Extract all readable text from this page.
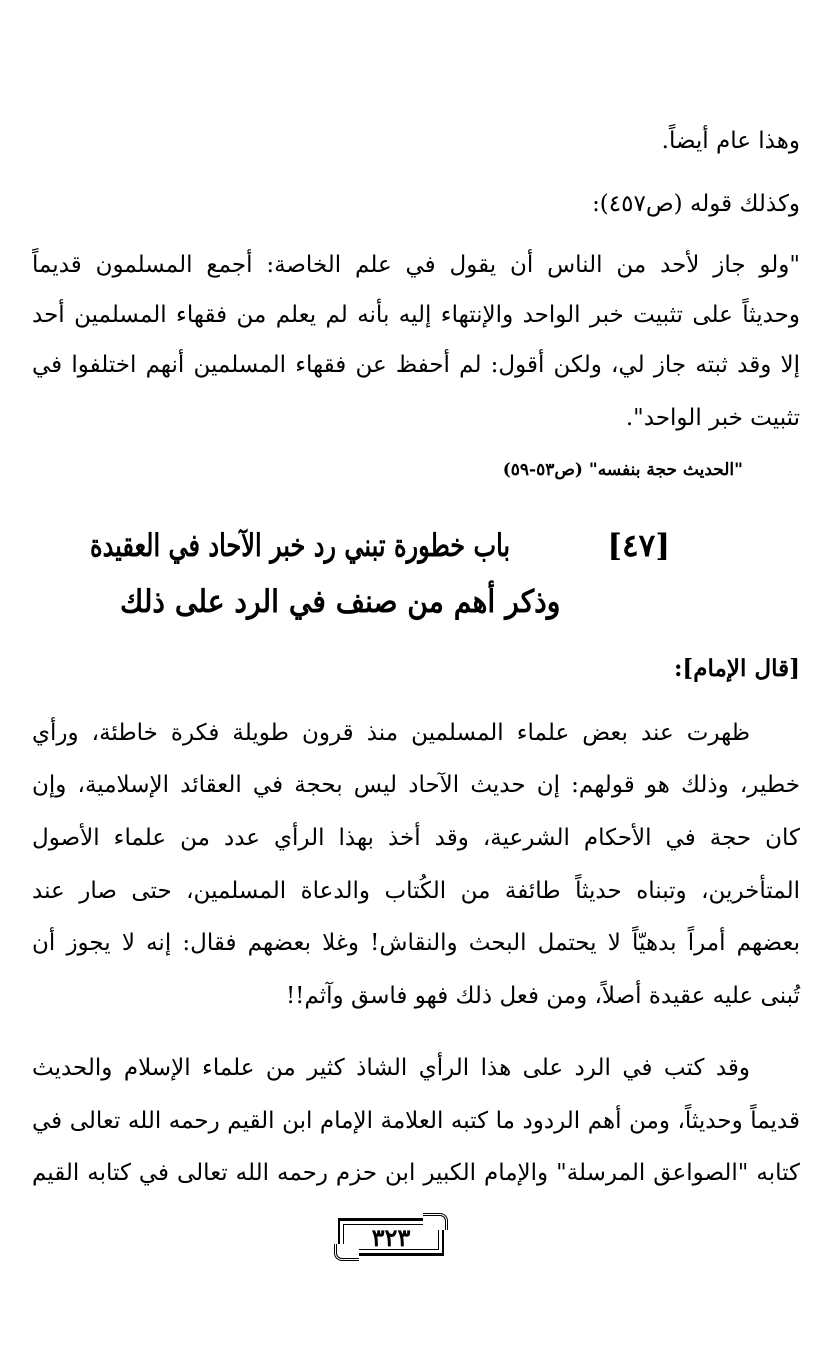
وهذا عام أيضاً.

وكذلك قوله (ص٤٥٧):

"ولو جاز لأحد من الناس أن يقول في علم الخاصة: أجمع المسلمون قديماً

وحديثاً على تثبيت خبر الواحد والإنتهاء إليه بأنه لم يعلم من فقهاء المسلمين أحد

إلا وقد ثبته جاز لي، ولكن أقول: لم أحفظ عن فقهاء المسلمين أنهم اختلفوا في

تثبيت خبر الواحد".

"الحديث حجة بنفسه" (ص٥٣-٥٩)
[٤٧]
باب خطورة تبني رد خبر الآحاد في العقيدة
وذكر أهم من صنف في الرد على ذلك

[قال الإمام]:

ظهرت عند بعض علماء المسلمين منذ قرون طويلة فكرة خاطئة، ورأي

خطير، وذلك هو قولهم: إن حديث الآحاد ليس بحجة في العقائد الإسلامية، وإن

كان حجة في الأحكام الشرعية، وقد أخذ بهذا الرأي عدد من علماء الأصول

المتأخرين، وتبناه حديثاً طائفة من الكُتاب والدعاة المسلمين، حتى صار عند

بعضهم أمراً بدهيّاً لا يحتمل البحث والنقاش! وغلا بعضهم فقال: إنه لا يجوز أن

تُبنى عليه عقيدة أصلاً، ومن فعل ذلك فهو فاسق وآثم!!

وقد كتب في الرد على هذا الرأي الشاذ كثير من علماء الإسلام والحديث

قديماً وحديثاً، ومن أهم الردود ما كتبه العلامة الإمام ابن القيم رحمه الله تعالى في

كتابه "الصواعق المرسلة" والإمام الكبير ابن حزم رحمه الله تعالى في كتابه القيم

٣٢٣
